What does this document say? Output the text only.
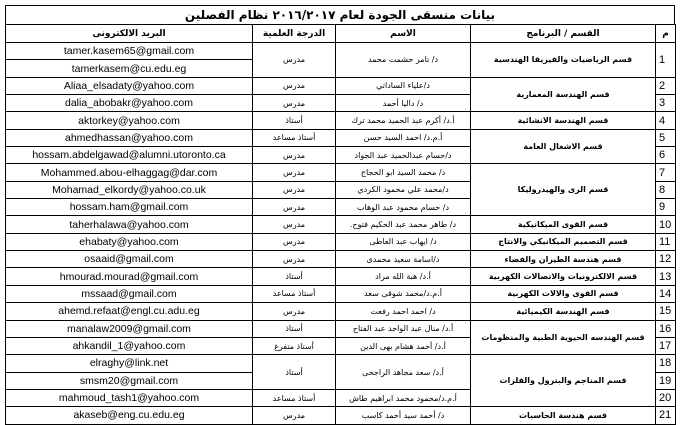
بيانات منسقى الجودة لعام ٢٠١٦/٢٠١٧ نظام الفصلين
البريد الالكترونى	الدرجة العلمية	الاسم	القسم / البرنامج	م
tamer.kasem65@gmail.com	مدرس	د/ تامر حشمت محمد	قسم الرياضيات والفيزيقا الهندسية	1
tamerkasem@cu.edu.eg				
Aliaa_elsadaty@yahoo.com	مدرس	د/علياء الساداتي	قسم الهندسة المعمارية	2
dalia_abobakr@yahoo.com	مدرس	د/ داليا أحمد		3
aktorkey@yahoo.com	أستاذ	أ.د/ أكرم عبد الحميد محمد ترك	قسم الهندسة الانشائية	4
ahmedhassan@yahoo.com	أستاذ مساعد	أ.م.د/ احمد السيد حسن	قسم الاشغال العامة	5
hossam.abdelgawad@alumni.utoronto.ca	مدرس	د/حسام عبدالحميد عبد الجواد		6
Mohammed.abou-elhaggag@dar.com	مدرس	د/ محمد السيد ابو الحجاج	قسم الرى والهيدروليكا	7
Mohamad_elkordy@yahoo.co.uk	مدرس	د/محمد علي محمود الكردي		8
hossam.ham@gmail.com	مدرس	د/ حسام محمود عبد الوهاب		9
taherhalawa@yahoo.com	مدرس	د/ طاهر محمد عبد الحكيم فتوح.	قسم القوى الميكانيكية	10
ehabaty@yahoo.com	مدرس	د/ ايهاب عبد العاطى	قسم التصميم الميكانيكي والانتاج	11
osaaid@gmail.com	مدرس	د/اسامة سعيد محمدى	قسم هندسة الطيران والفضاء	12
hmourad.mourad@gmail.com	أستاذ	أ.د/ هبة الله مراد	قسم الالكترونيات والاتصالات الكهربية	13
mssaad@gmail.com	أستاذ مساعد	أ.م.د/محمد شوقى سعد	قسم القوى والالات الكهربية	14
ahemd.refaat@engl.cu.adu.eg	مدرس	د/ احمد احمد رفعت	قسم الهندسة الكيميائية	15
manalaw2009@gmail.com	أستاذ	أ.د/ منال عبد الواحد عبد الفتاح	قسم الهندسه الحيوية الطبية والمنظومات	16
ahkandil_1@yahoo.com	أستاذ متفرغ	أ.د/ أحمد هشام بهى الدين		17
elraghy@link.net	أستاذ	أ.د/ سعد مجاهد الراجحى	قسم المناجم والبترول والفلزات	18
smsm20@gmail.com				19
mahmoud_tash1@yahoo.com	أستاذ مساعد	أ.م.د/محمود محمد ابراهيم طاش		20
akaseb@eng.cu.edu.eg	مدرس	د/ أحمد سيد أحمد كاسب	قسم هندسة الحاسبات	21
